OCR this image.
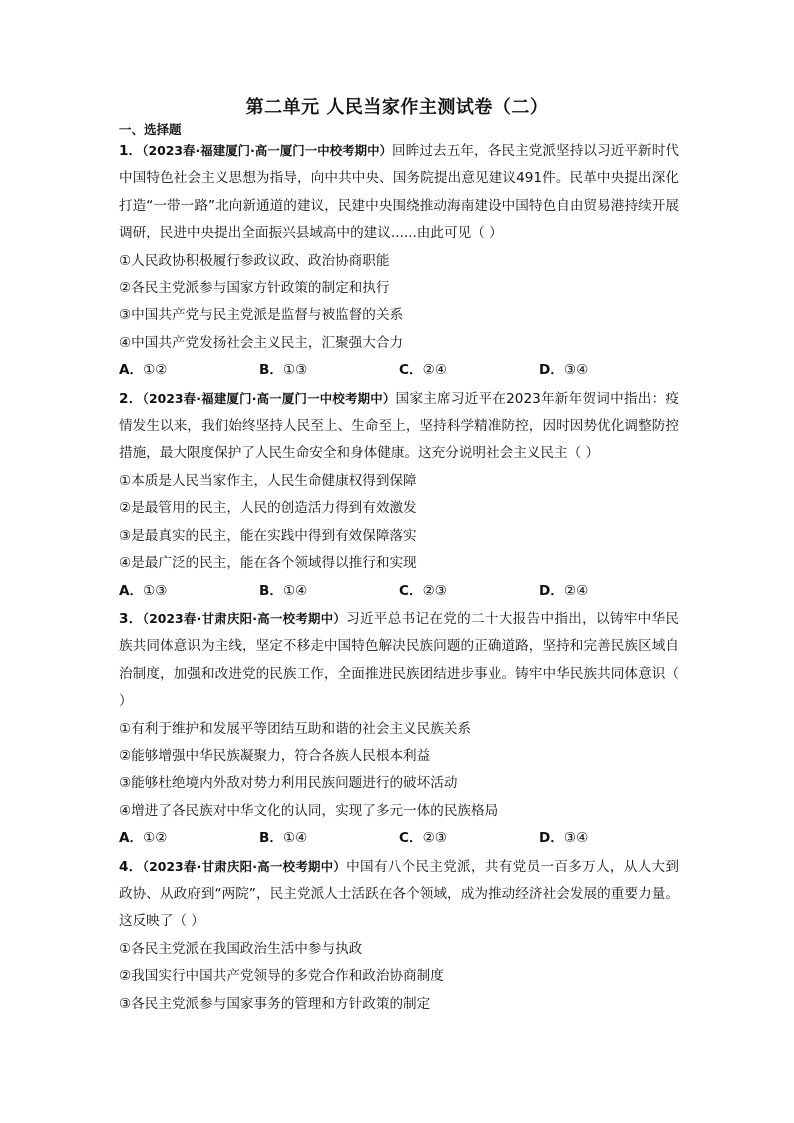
第二单元 人民当家作主测试卷（二）
一、选择题

1．（2023春·福建厦门·高一厦门一中校考期中）回眸过去五年，各民主党派坚持以习近平新时代中国特色社会主义思想为指导，向中共中央、国务院提出意见建议491件。民革中央提出深化打造“一带一路”北向新通道的建议，民建中央围绕推动海南建设中国特色自由贸易港持续开展调研，民进中央提出全面振兴县域高中的建议......由此可见（ ）

①人民政协积极履行参政议政、政治协商职能

②各民主党派参与国家方针政策的制定和执行

③中国共产党与民主党派是监督与被监督的关系

④中国共产党发扬社会主义民主，汇聚强大合力

A．①②	B．①③	C．②④	D．③④

2．（2023春·福建厦门·高一厦门一中校考期中）国家主席习近平在2023年新年贺词中指出：疫情发生以来，我们始终坚持人民至上、生命至上，坚持科学精准防控，因时因势优化调整防控措施，最大限度保护了人民生命安全和身体健康。这充分说明社会主义民主（ ）

①本质是人民当家作主，人民生命健康权得到保障

②是最管用的民主，人民的创造活力得到有效激发

③是最真实的民主，能在实践中得到有效保障落实

④是最广泛的民主，能在各个领域得以推行和实现

A．①③	B．①④	C．②③	D．②④

3．（2023春·甘肃庆阳·高一校考期中）习近平总书记在党的二十大报告中指出，以铸牢中华民族共同体意识为主线，坚定不移走中国特色解决民族问题的正确道路，坚持和完善民族区域自治制度，加强和改进党的民族工作，全面推进民族团结进步事业。铸牢中华民族共同体意识（ ）

①有利于维护和发展平等团结互助和谐的社会主义民族关系

②能够增强中华民族凝聚力，符合各族人民根本利益

③能够杜绝境内外敌对势力利用民族问题进行的破坏活动

④增进了各民族对中华文化的认同，实现了多元一体的民族格局

A．①②	B．①④	C．②③	D．③④

4．（2023春·甘肃庆阳·高一校考期中）中国有八个民主党派，共有党员一百多万人，从人大到政协、从政府到“两院”，民主党派人士活跃在各个领域，成为推动经济社会发展的重要力量。这反映了（ ）

①各民主党派在我国政治生活中参与执政

②我国实行中国共产党领导的多党合作和政治协商制度

③各民主党派参与国家事务的管理和方针政策的制定
